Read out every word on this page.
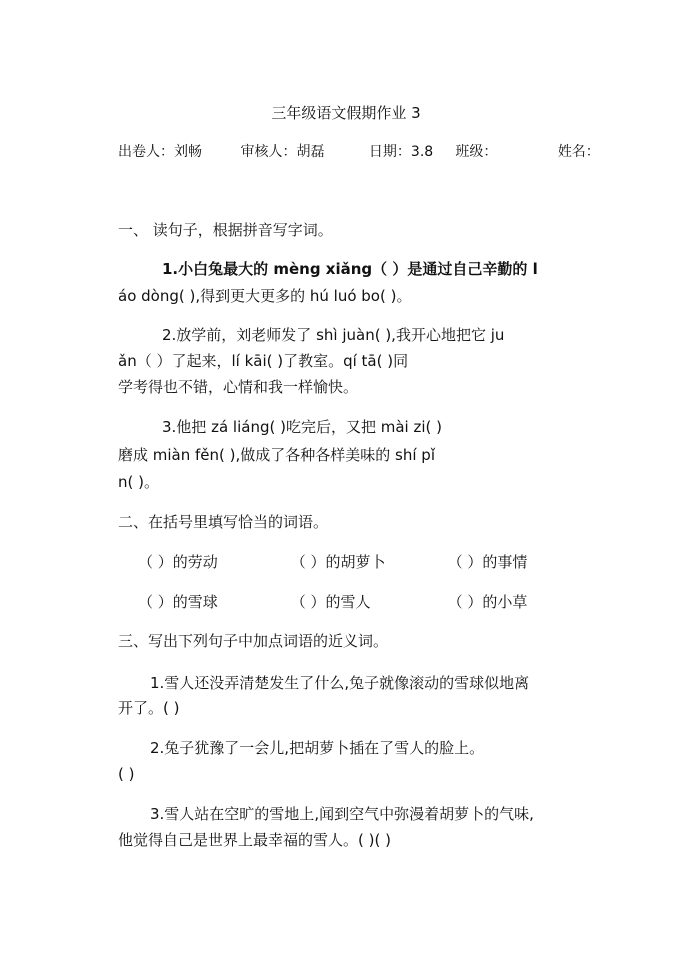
三年级语文假期作业 3
出卷人：刘畅	审核人：胡磊	日期：3.8 班级：	姓名：
一、 读句子，根据拼音写字词。
1.小白兔最大的 mèng xiǎng（ ）是通过自己辛勤的 l
áo dòng( ),得到更大更多的 hú luó bo( )。
2.放学前，刘老师发了 shì juàn( ),我开心地把它 ju
ǎn（ ）了起来，lí kāi( )了教室。qí tā( )同
学考得也不错，心情和我一样愉快。
3.他把 zá liáng( )吃完后，又把 mài zi( )
磨成 miàn fěn( ),做成了各种各样美味的 shí pǐ
n( )。
二、在括号里填写恰当的词语。
（ ）的劳动	（ ）的胡萝卜	（ ）的事情
（ ）的雪球	（ ）的雪人	（ ）的小草
三、写出下列句子中加点词语的近义词。
1.雪人还没弄清楚发生了什么,兔子就像滚动的雪球似地离
开了。( )
2.兔子犹豫了一会儿,把胡萝卜插在了雪人的脸上。
( )
3.雪人站在空旷的雪地上,闻到空气中弥漫着胡萝卜的气味,
他觉得自己是世界上最幸福的雪人。( )( )
